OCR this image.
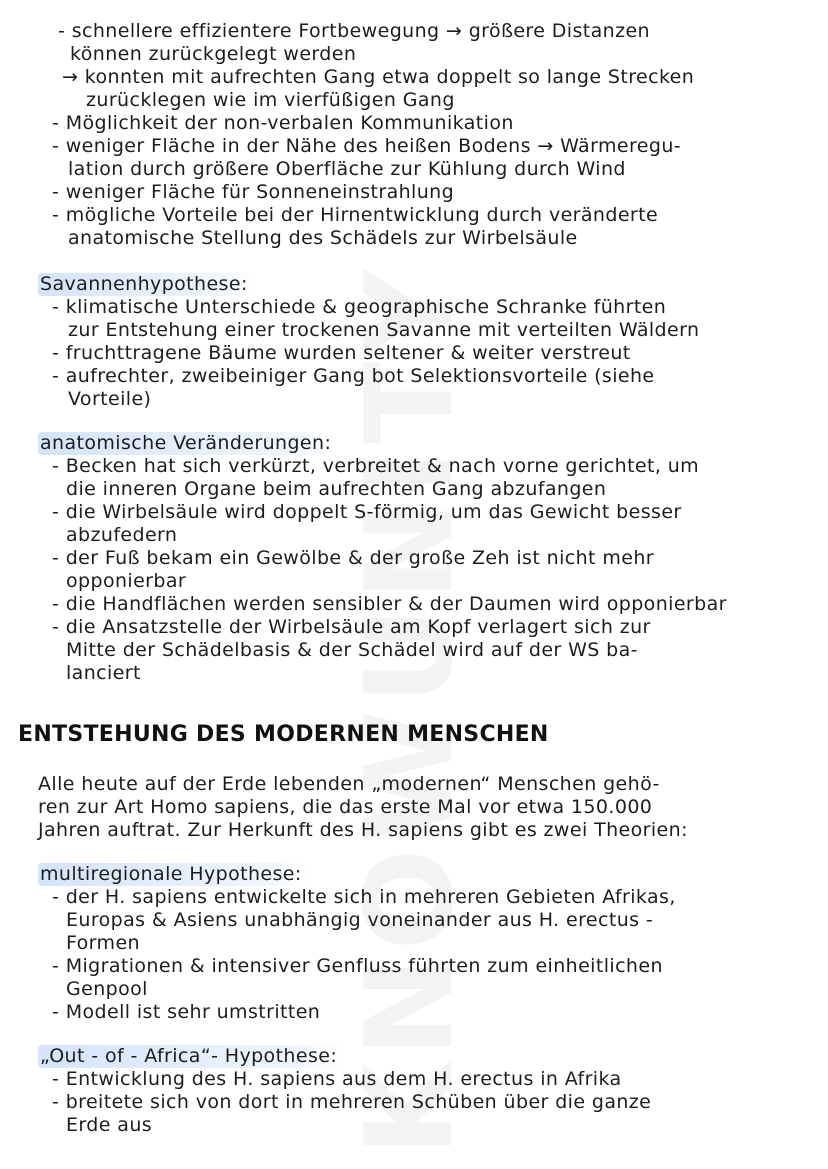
- schnellere effizientere Fortbewegung → größere Distanzen
können zurückgelegt werden
→ konnten mit aufrechten Gang etwa doppelt so lange Strecken
zurücklegen wie im vierfüßigen Gang
- Möglichkeit der non-verbalen Kommunikation
- weniger Fläche in der Nähe des heißen Bodens → Wärmeregu-
lation durch größere Oberfläche zur Kühlung durch Wind
- weniger Fläche für Sonneneinstrahlung
- mögliche Vorteile bei der Hirnentwicklung durch veränderte
anatomische Stellung des Schädels zur Wirbelsäule
Savannenhypothese:
- klimatische Unterschiede & geographische Schranke führten
zur Entstehung einer trockenen Savanne mit verteilten Wäldern
- fruchttragene Bäume wurden seltener & weiter verstreut
- aufrechter, zweibeiniger Gang bot Selektionsvorteile (siehe
Vorteile)
anatomische Veränderungen:
- Becken hat sich verkürzt, verbreitet & nach vorne gerichtet, um
die inneren Organe beim aufrechten Gang abzufangen
- die Wirbelsäule wird doppelt S-förmig, um das Gewicht besser
abzufedern
- der Fuß bekam ein Gewölbe & der große Zeh ist nicht mehr
opponierbar
- die Handflächen werden sensibler & der Daumen wird opponierbar
- die Ansatzstelle der Wirbelsäule am Kopf verlagert sich zur
Mitte der Schädelbasis & der Schädel wird auf der WS ba-
lanciert
ENTSTEHUNG DES MODERNEN MENSCHEN
Alle heute auf der Erde lebenden „modernen“ Menschen gehö-
ren zur Art Homo sapiens, die das erste Mal vor etwa 150.000
Jahren auftrat. Zur Herkunft des H. sapiens gibt es zwei Theorien:
multiregionale Hypothese:
- der H. sapiens entwickelte sich in mehreren Gebieten Afrikas,
Europas & Asiens unabhängig voneinander aus H. erectus -
Formen
- Migrationen & intensiver Genfluss führten zum einheitlichen
Genpool
- Modell ist sehr umstritten
„Out - of - Africa“- Hypothese:
- Entwicklung des H. sapiens aus dem H. erectus in Afrika
- breitete sich von dort in mehreren Schüben über die ganze
Erde aus
